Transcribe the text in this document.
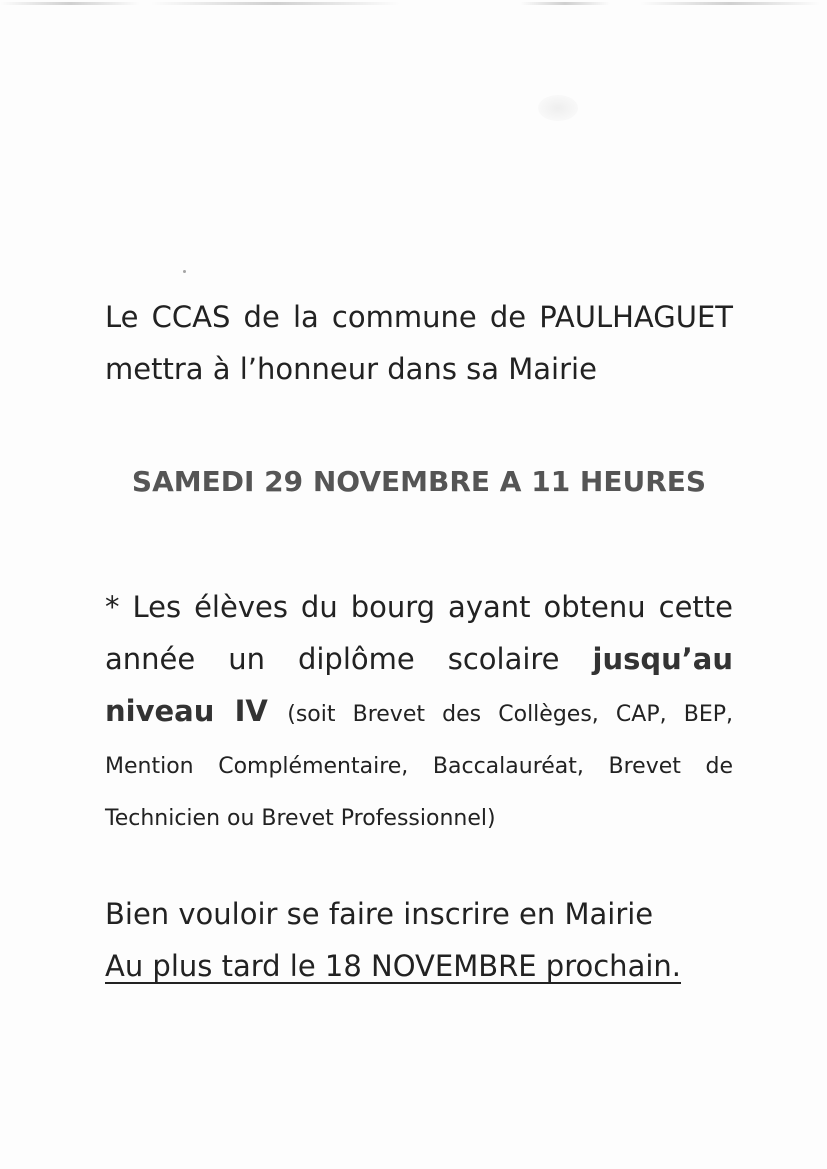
Le CCAS de la commune de PAULHAGUET mettra à l’honneur dans sa Mairie

SAMEDI 29 NOVEMBRE A 11 HEURES

* Les élèves du bourg ayant obtenu cette année un diplôme scolaire jusqu’au niveau IV (soit Brevet des Collèges, CAP, BEP, Mention Complémentaire, Baccalauréat, Brevet de Technicien ou Brevet Professionnel)

Bien vouloir se faire inscrire en Mairie
Au plus tard le 18 NOVEMBRE prochain.
